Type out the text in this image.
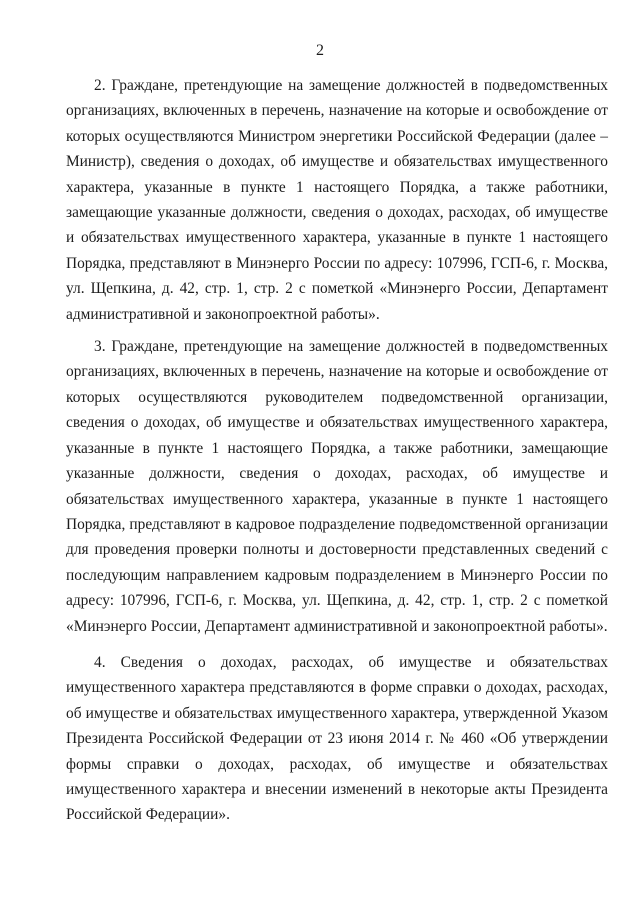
2

2. Граждане, претендующие на замещение должностей в подведомственных организациях, включенных в перечень, назначение на которые и освобождение от которых осуществляются Министром энергетики Российской Федерации (далее – Министр), сведения о доходах, об имуществе и обязательствах имущественного характера, указанные в пункте 1 настоящего Порядка, а также работники, замещающие указанные должности, сведения о доходах, расходах, об имуществе и обязательствах имущественного характера, указанные в пункте 1 настоящего Порядка, представляют в Минэнерго России по адресу: 107996, ГСП-6, г. Москва, ул. Щепкина, д. 42, стр. 1, стр. 2 с пометкой «Минэнерго России, Департамент административной и законопроектной работы».

3. Граждане, претендующие на замещение должностей в подведомственных организациях, включенных в перечень, назначение на которые и освобождение от которых осуществляются руководителем подведомственной организации, сведения о доходах, об имуществе и обязательствах имущественного характера, указанные в пункте 1 настоящего Порядка, а также работники, замещающие указанные должности, сведения о доходах, расходах, об имуществе и обязательствах имущественного характера, указанные в пункте 1 настоящего Порядка, представляют в кадровое подразделение подведомственной организации для проведения проверки полноты и достоверности представленных сведений с последующим направлением кадровым подразделением в Минэнерго России по адресу: 107996, ГСП-6, г. Москва, ул. Щепкина, д. 42, стр. 1, стр. 2 с пометкой «Минэнерго России, Департамент административной и законопроектной работы».

4. Сведения о доходах, расходах, об имуществе и обязательствах имущественного характера представляются в форме справки о доходах, расходах, об имуществе и обязательствах имущественного характера, утвержденной Указом Президента Российской Федерации от 23 июня 2014 г. № 460 «Об утверждении формы справки о доходах, расходах, об имуществе и обязательствах имущественного характера и внесении изменений в некоторые акты Президента Российской Федерации».
